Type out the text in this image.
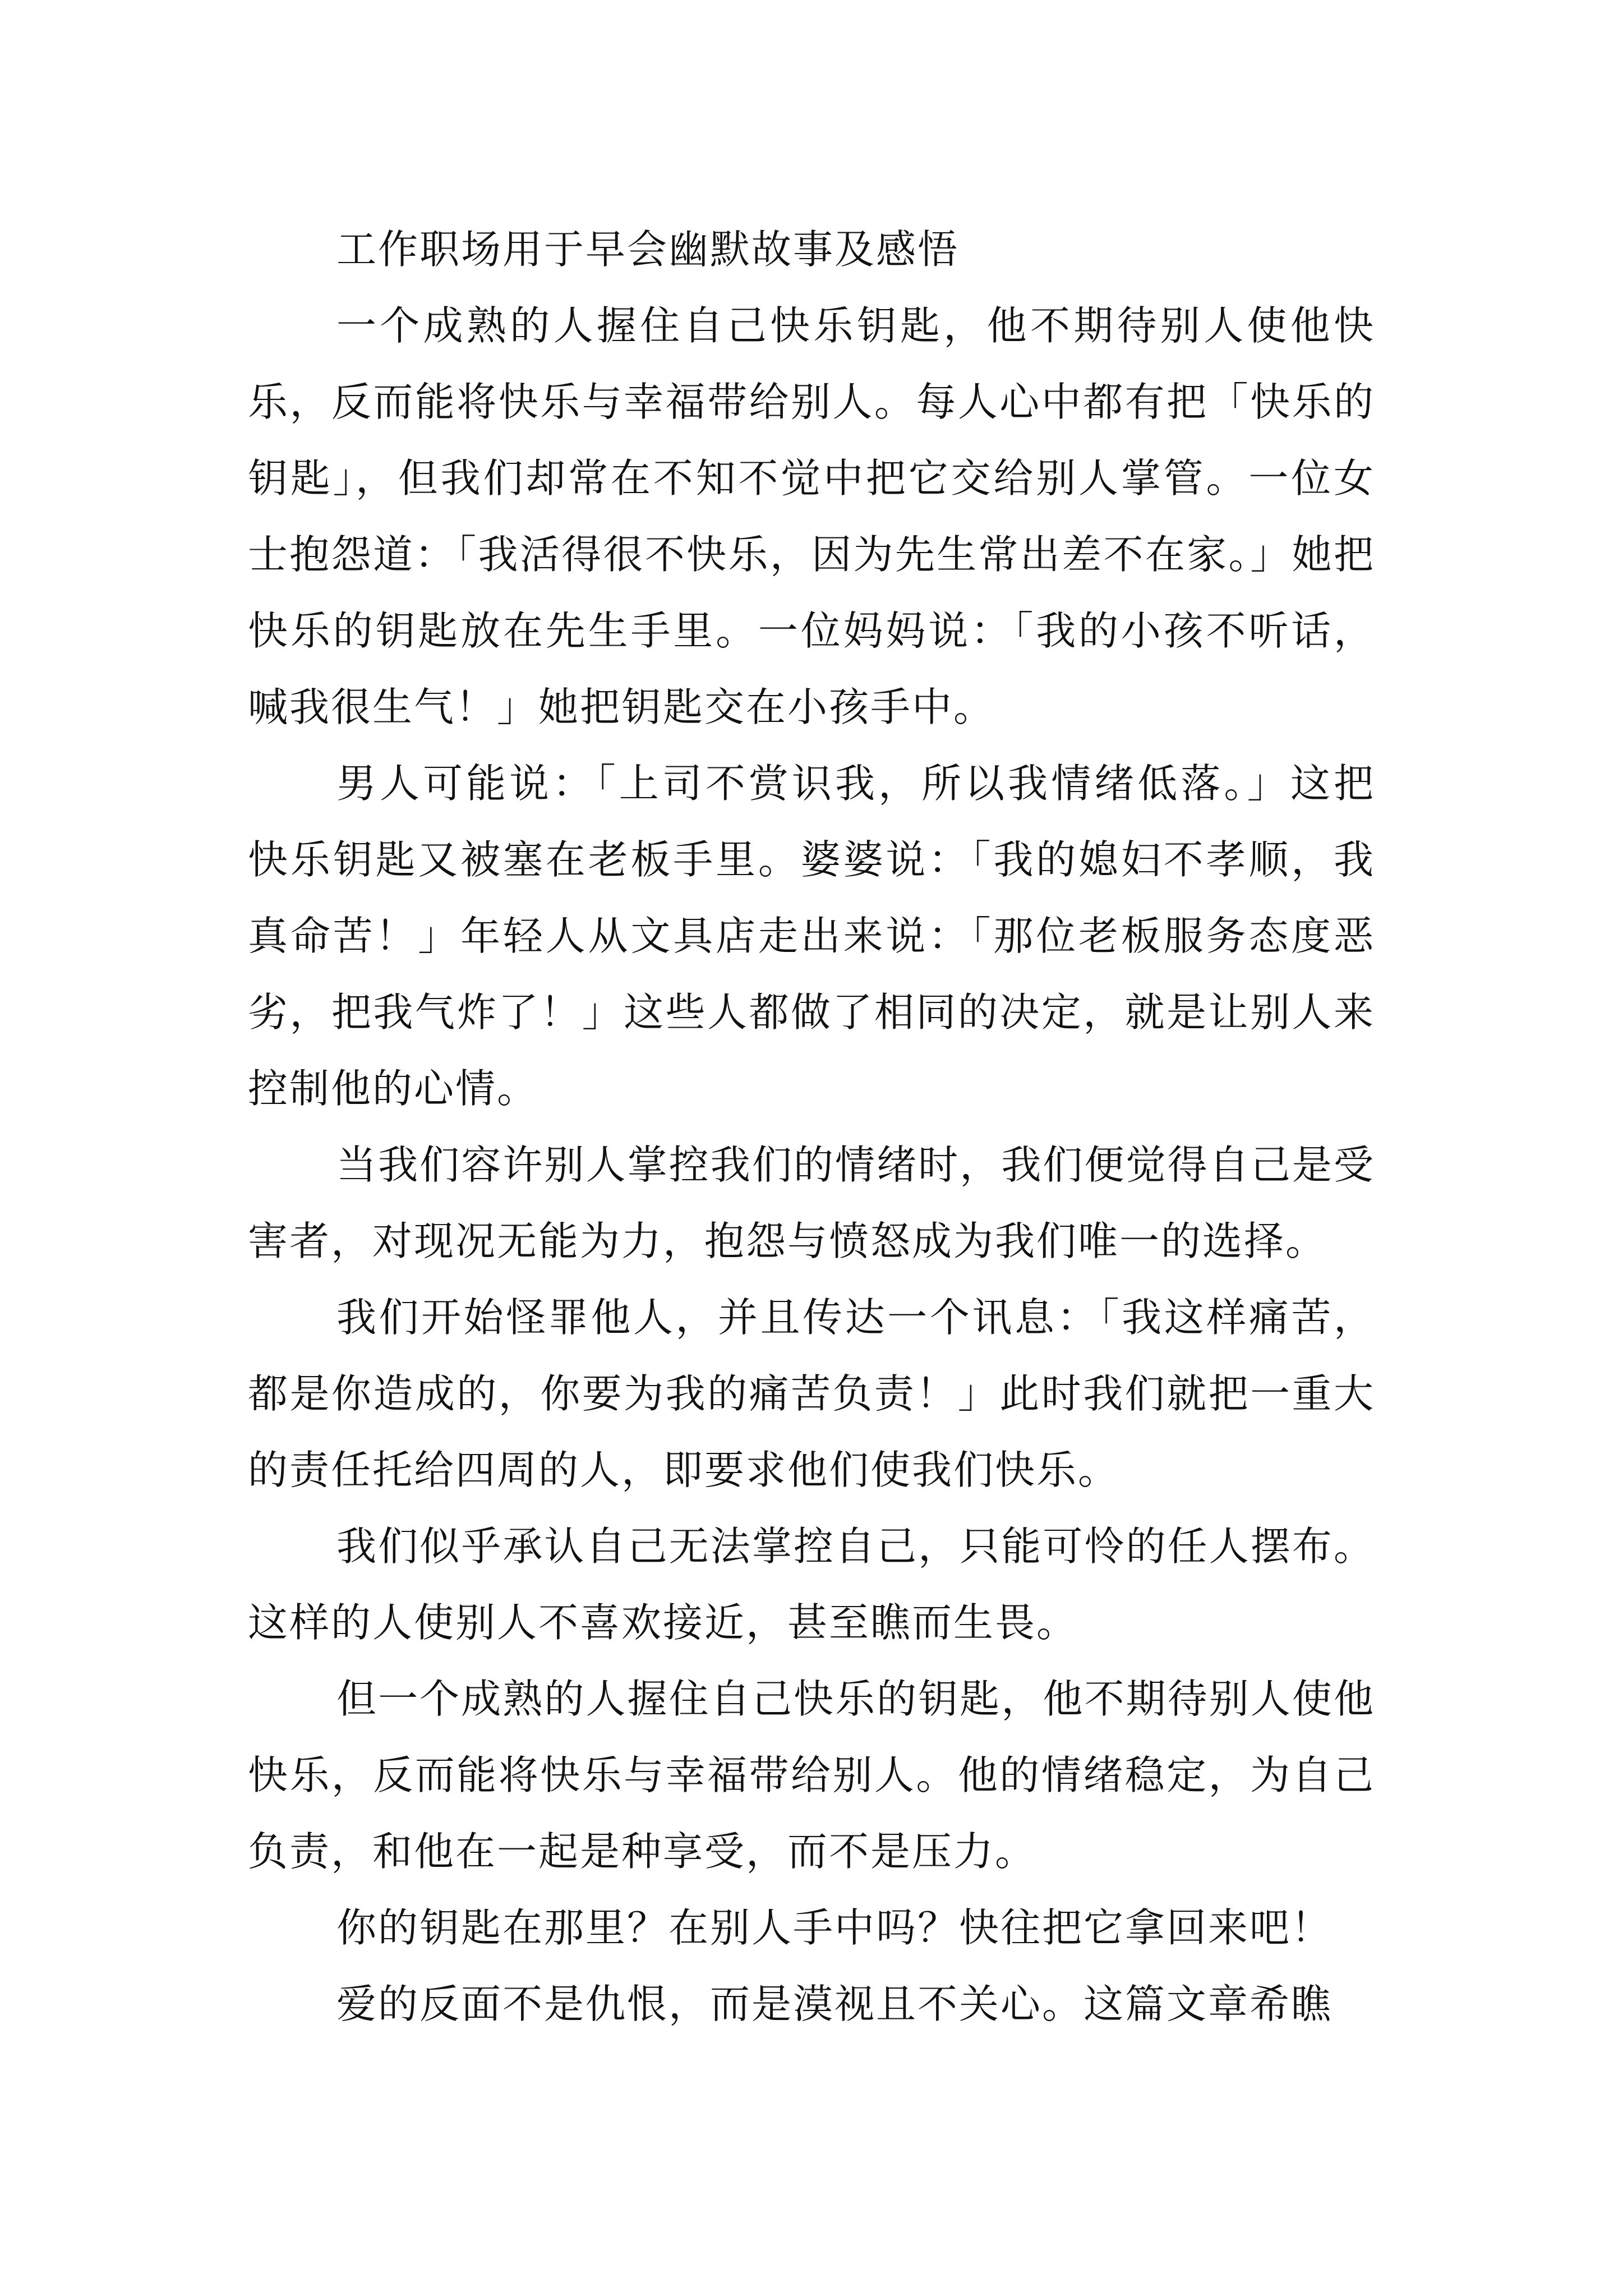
工作职场用于早会幽默故事及感悟

一个成熟的人握住自己快乐钥匙，他不期待别人使他快乐，反而能将快乐与幸福带给别人。每人心中都有把「快乐的钥匙」，但我们却常在不知不觉中把它交给别人掌管。一位女士抱怨道：「我活得很不快乐，因为先生常出差不在家。」她把快乐的钥匙放在先生手里。一位妈妈说：「我的小孩不听话，喊我很生气！」她把钥匙交在小孩手中。

男人可能说：「上司不赏识我，所以我情绪低落。」这把快乐钥匙又被塞在老板手里。婆婆说：「我的媳妇不孝顺，我真命苦！」年轻人从文具店走出来说：「那位老板服务态度恶劣，把我气炸了！」这些人都做了相同的决定，就是让别人来控制他的心情。

当我们容许别人掌控我们的情绪时，我们便觉得自己是受害者，对现况无能为力，抱怨与愤怒成为我们唯一的选择。

我们开始怪罪他人，并且传达一个讯息：「我这样痛苦，都是你造成的，你要为我的痛苦负责！」此时我们就把一重大的责任托给四周的人，即要求他们使我们快乐。

我们似乎承认自己无法掌控自己，只能可怜的任人摆布。这样的人使别人不喜欢接近，甚至瞧而生畏。

但一个成熟的人握住自己快乐的钥匙，他不期待别人使他快乐，反而能将快乐与幸福带给别人。他的情绪稳定，为自己负责，和他在一起是种享受，而不是压力。

你的钥匙在那里？在别人手中吗？快往把它拿回来吧！

爱的反面不是仇恨，而是漠视且不关心。这篇文章希瞧
